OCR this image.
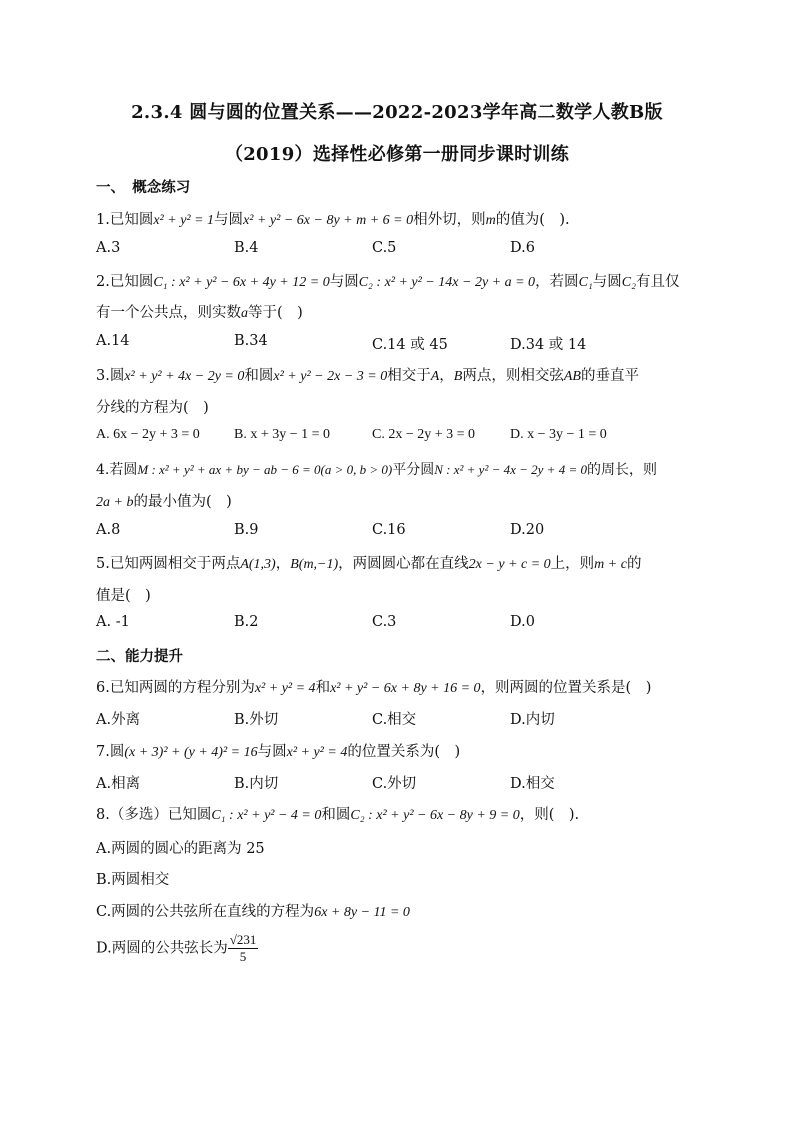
2.3.4 圆与圆的位置关系——2022-2023学年高二数学人教B版
（2019）选择性必修第一册同步课时训练
一、　概念练习
1.已知圆x² + y² = 1与圆x² + y² − 6x − 8y + m + 6 = 0相外切，则m的值为(　).
A.3	B.4	C.5	D.6
2.已知圆C₁ : x² + y² − 6x + 4y + 12 = 0与圆C₂ : x² + y² − 14x − 2y + a = 0，若圆C₁与圆C₂有且仅
有一个公共点，则实数a等于(　)
A.14	B.34	C.14 或 45	D.34 或 14
3.圆x² + y² + 4x − 2y = 0和圆x² + y² − 2x − 3 = 0相交于A，B两点，则相交弦AB的垂直平
分线的方程为(　)
A. 6x − 2y + 3 = 0 B. x + 3y − 1 = 0	C. 2x − 2y + 3 = 0 D. x − 3y − 1 = 0
4.若圆M : x² + y² + ax + by − ab − 6 = 0(a > 0, b > 0)平分圆N : x² + y² − 4x − 2y + 4 = 0的周长，则
2a + b的最小值为(　)
A.8	B.9	C.16	D.20
5.已知两圆相交于两点A(1,3)，B(m,−1)，两圆圆心都在直线2x − y + c = 0上，则m + c的
值是(　)
A. -1	B.2	C.3	D.0
二、能力提升
6.已知两圆的方程分别为x² + y² = 4和x² + y² − 6x + 8y + 16 = 0，则两圆的位置关系是(　)
A.外离	B.外切	C.相交	D.内切
7.圆(x + 3)² + (y + 4)² = 16与圆x² + y² = 4的位置关系为(　)
A.相离	B.内切	C.外切	D.相交
8.（多选）已知圆C₁ : x² + y² − 4 = 0和圆C₂ : x² + y² − 6x − 8y + 9 = 0，则(　).
A.两圆的圆心的距离为 25
B.两圆相交
C.两圆的公共弦所在直线的方程为6x + 8y − 11 = 0
D.两圆的公共弦长为 $\frac{√231}{5}$
